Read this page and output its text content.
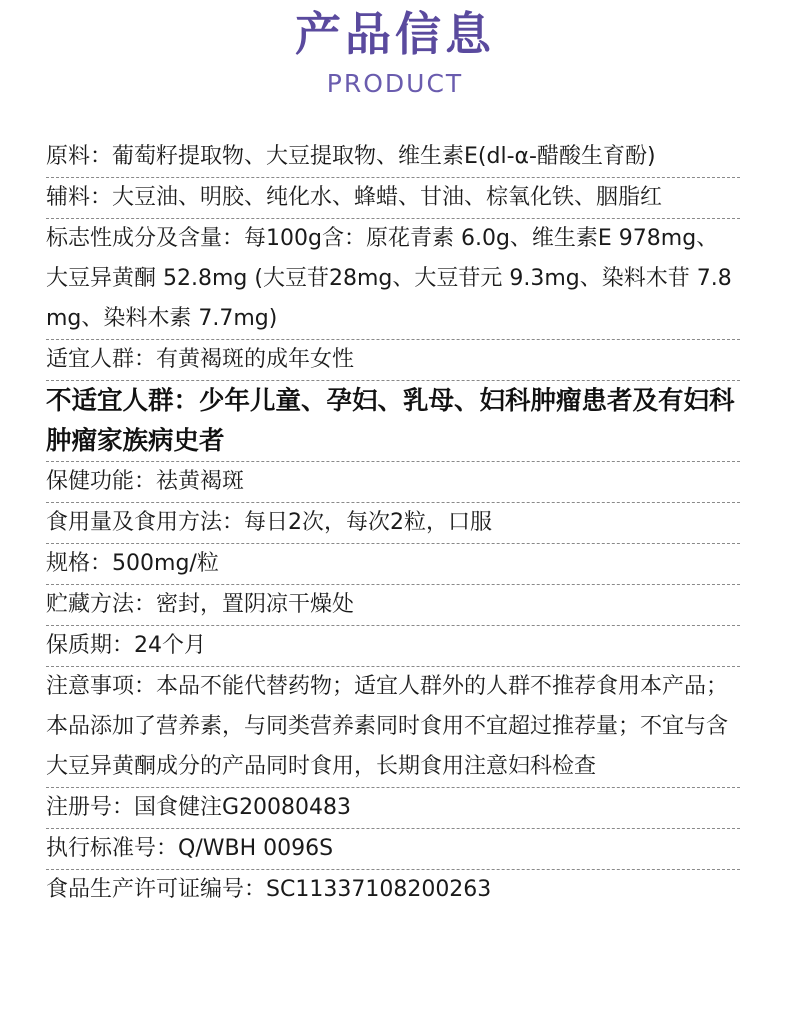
产品信息
PRODUCT
原料：葡萄籽提取物、大豆提取物、维生素E(dl-α-醋酸生育酚)
辅料：大豆油、明胶、纯化水、蜂蜡、甘油、棕氧化铁、胭脂红
标志性成分及含量：每100g含：原花青素 6.0g、维生素E 978mg、大豆异黄酮 52.8mg (大豆苷28mg、大豆苷元 9.3mg、染料木苷 7.8mg、染料木素 7.7mg)
适宜人群：有黄褐斑的成年女性
不适宜人群：少年儿童、孕妇、乳母、妇科肿瘤患者及有妇科肿瘤家族病史者
保健功能：祛黄褐斑
食用量及食用方法：每日2次，每次2粒，口服
规格：500mg/粒
贮藏方法：密封，置阴凉干燥处
保质期：24个月
注意事项：本品不能代替药物；适宜人群外的人群不推荐食用本产品；本品添加了营养素，与同类营养素同时食用不宜超过推荐量；不宜与含大豆异黄酮成分的产品同时食用，长期食用注意妇科检查
注册号：国食健注G20080483
执行标准号：Q/WBH 0096S
食品生产许可证编号：SC11337108200263
